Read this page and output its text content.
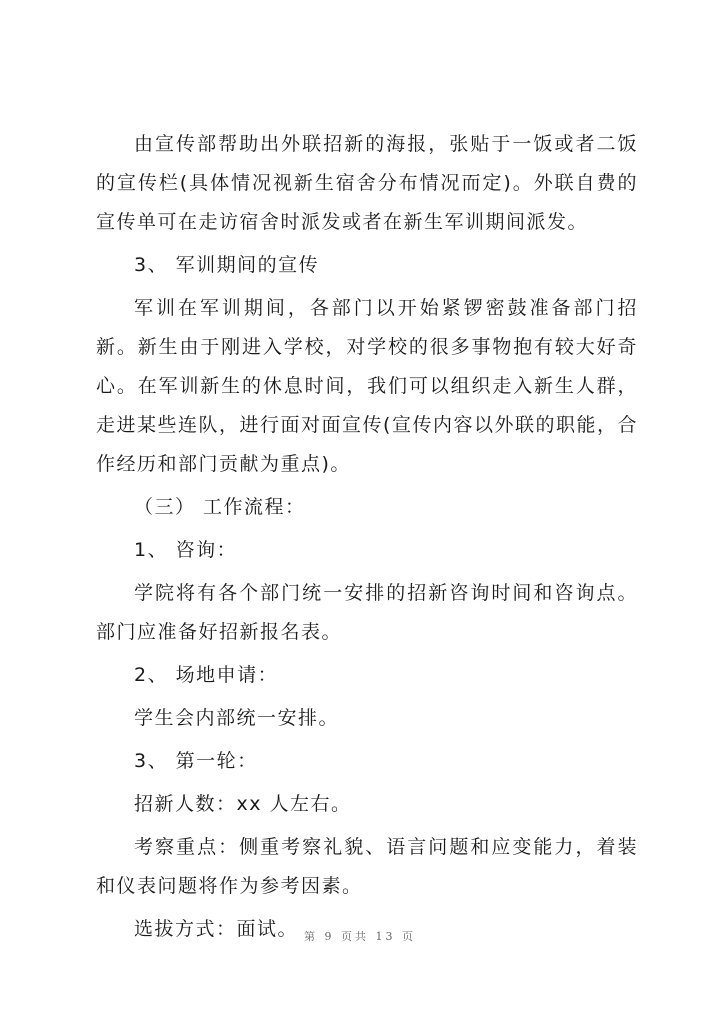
由宣传部帮助出外联招新的海报，张贴于一饭或者二饭的宣传栏(具体情况视新生宿舍分布情况而定)。外联自费的宣传单可在走访宿舍时派发或者在新生军训期间派发。

3、 军训期间的宣传

军训在军训期间，各部门以开始紧锣密鼓准备部门招新。新生由于刚进入学校，对学校的很多事物抱有较大好奇心。在军训新生的休息时间，我们可以组织走入新生人群，走进某些连队，进行面对面宣传(宣传内容以外联的职能，合作经历和部门贡献为重点)。

（三） 工作流程：

1、 咨询：

学院将有各个部门统一安排的招新咨询时间和咨询点。部门应准备好招新报名表。

2、 场地申请：

学生会内部统一安排。

3、 第一轮：

招新人数：xx 人左右。

考察重点：侧重考察礼貌、语言问题和应变能力，着装和仪表问题将作为参考因素。

选拔方式：面试。 第 9 页共 13 页
